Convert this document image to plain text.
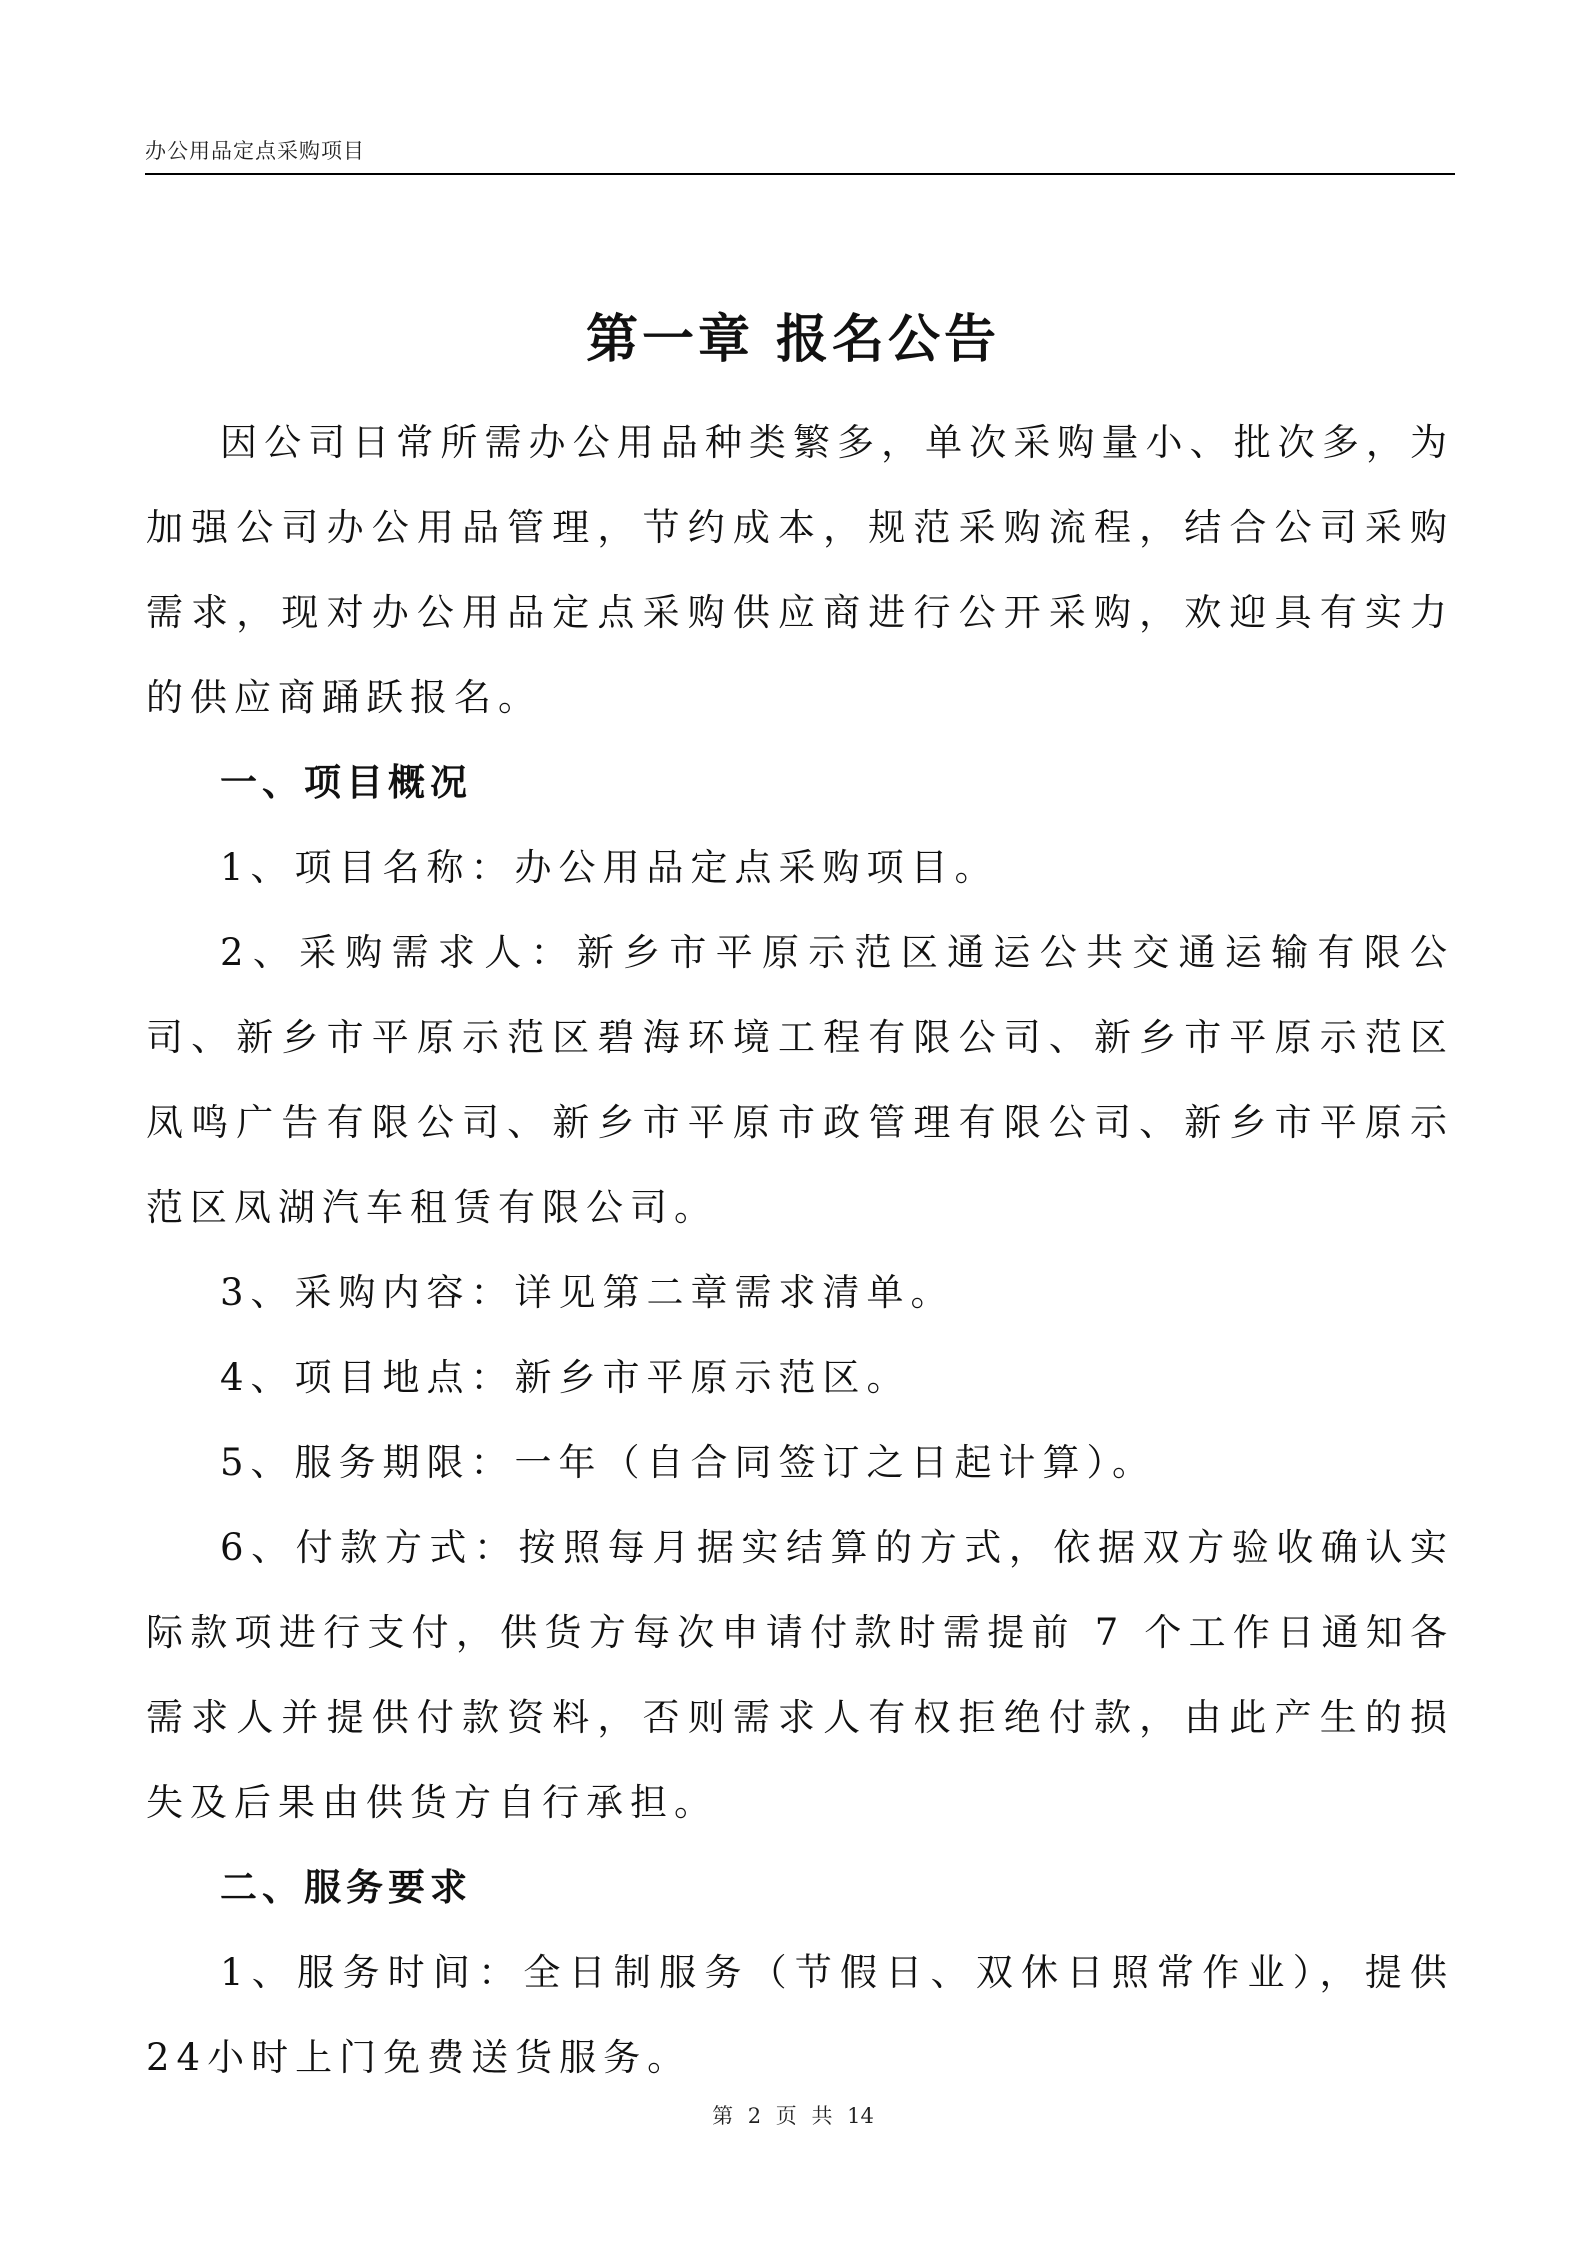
办公用品定点采购项目
第一章 报名公告

因公司日常所需办公用品种类繁多，单次采购量小、批次多，为加强公司办公用品管理，节约成本，规范采购流程，结合公司采购需求，现对办公用品定点采购供应商进行公开采购，欢迎具有实力的供应商踊跃报名。

一、项目概况

1、项目名称：办公用品定点采购项目。

2、采购需求人：新乡市平原示范区通运公共交通运输有限公司、新乡市平原示范区碧海环境工程有限公司、新乡市平原示范区凤鸣广告有限公司、新乡市平原市政管理有限公司、新乡市平原示范区凤湖汽车租赁有限公司。

3、采购内容：详见第二章需求清单。

4、项目地点：新乡市平原示范区。

5、服务期限：一年（自合同签订之日起计算）。

6、付款方式：按照每月据实结算的方式，依据双方验收确认实际款项进行支付，供货方每次申请付款时需提前 7 个工作日通知各需求人并提供付款资料，否则需求人有权拒绝付款，由此产生的损失及后果由供货方自行承担。

二、服务要求

1、服务时间：全日制服务（节假日、双休日照常作业），提供24小时上门免费送货服务。

第 2 页 共 14
